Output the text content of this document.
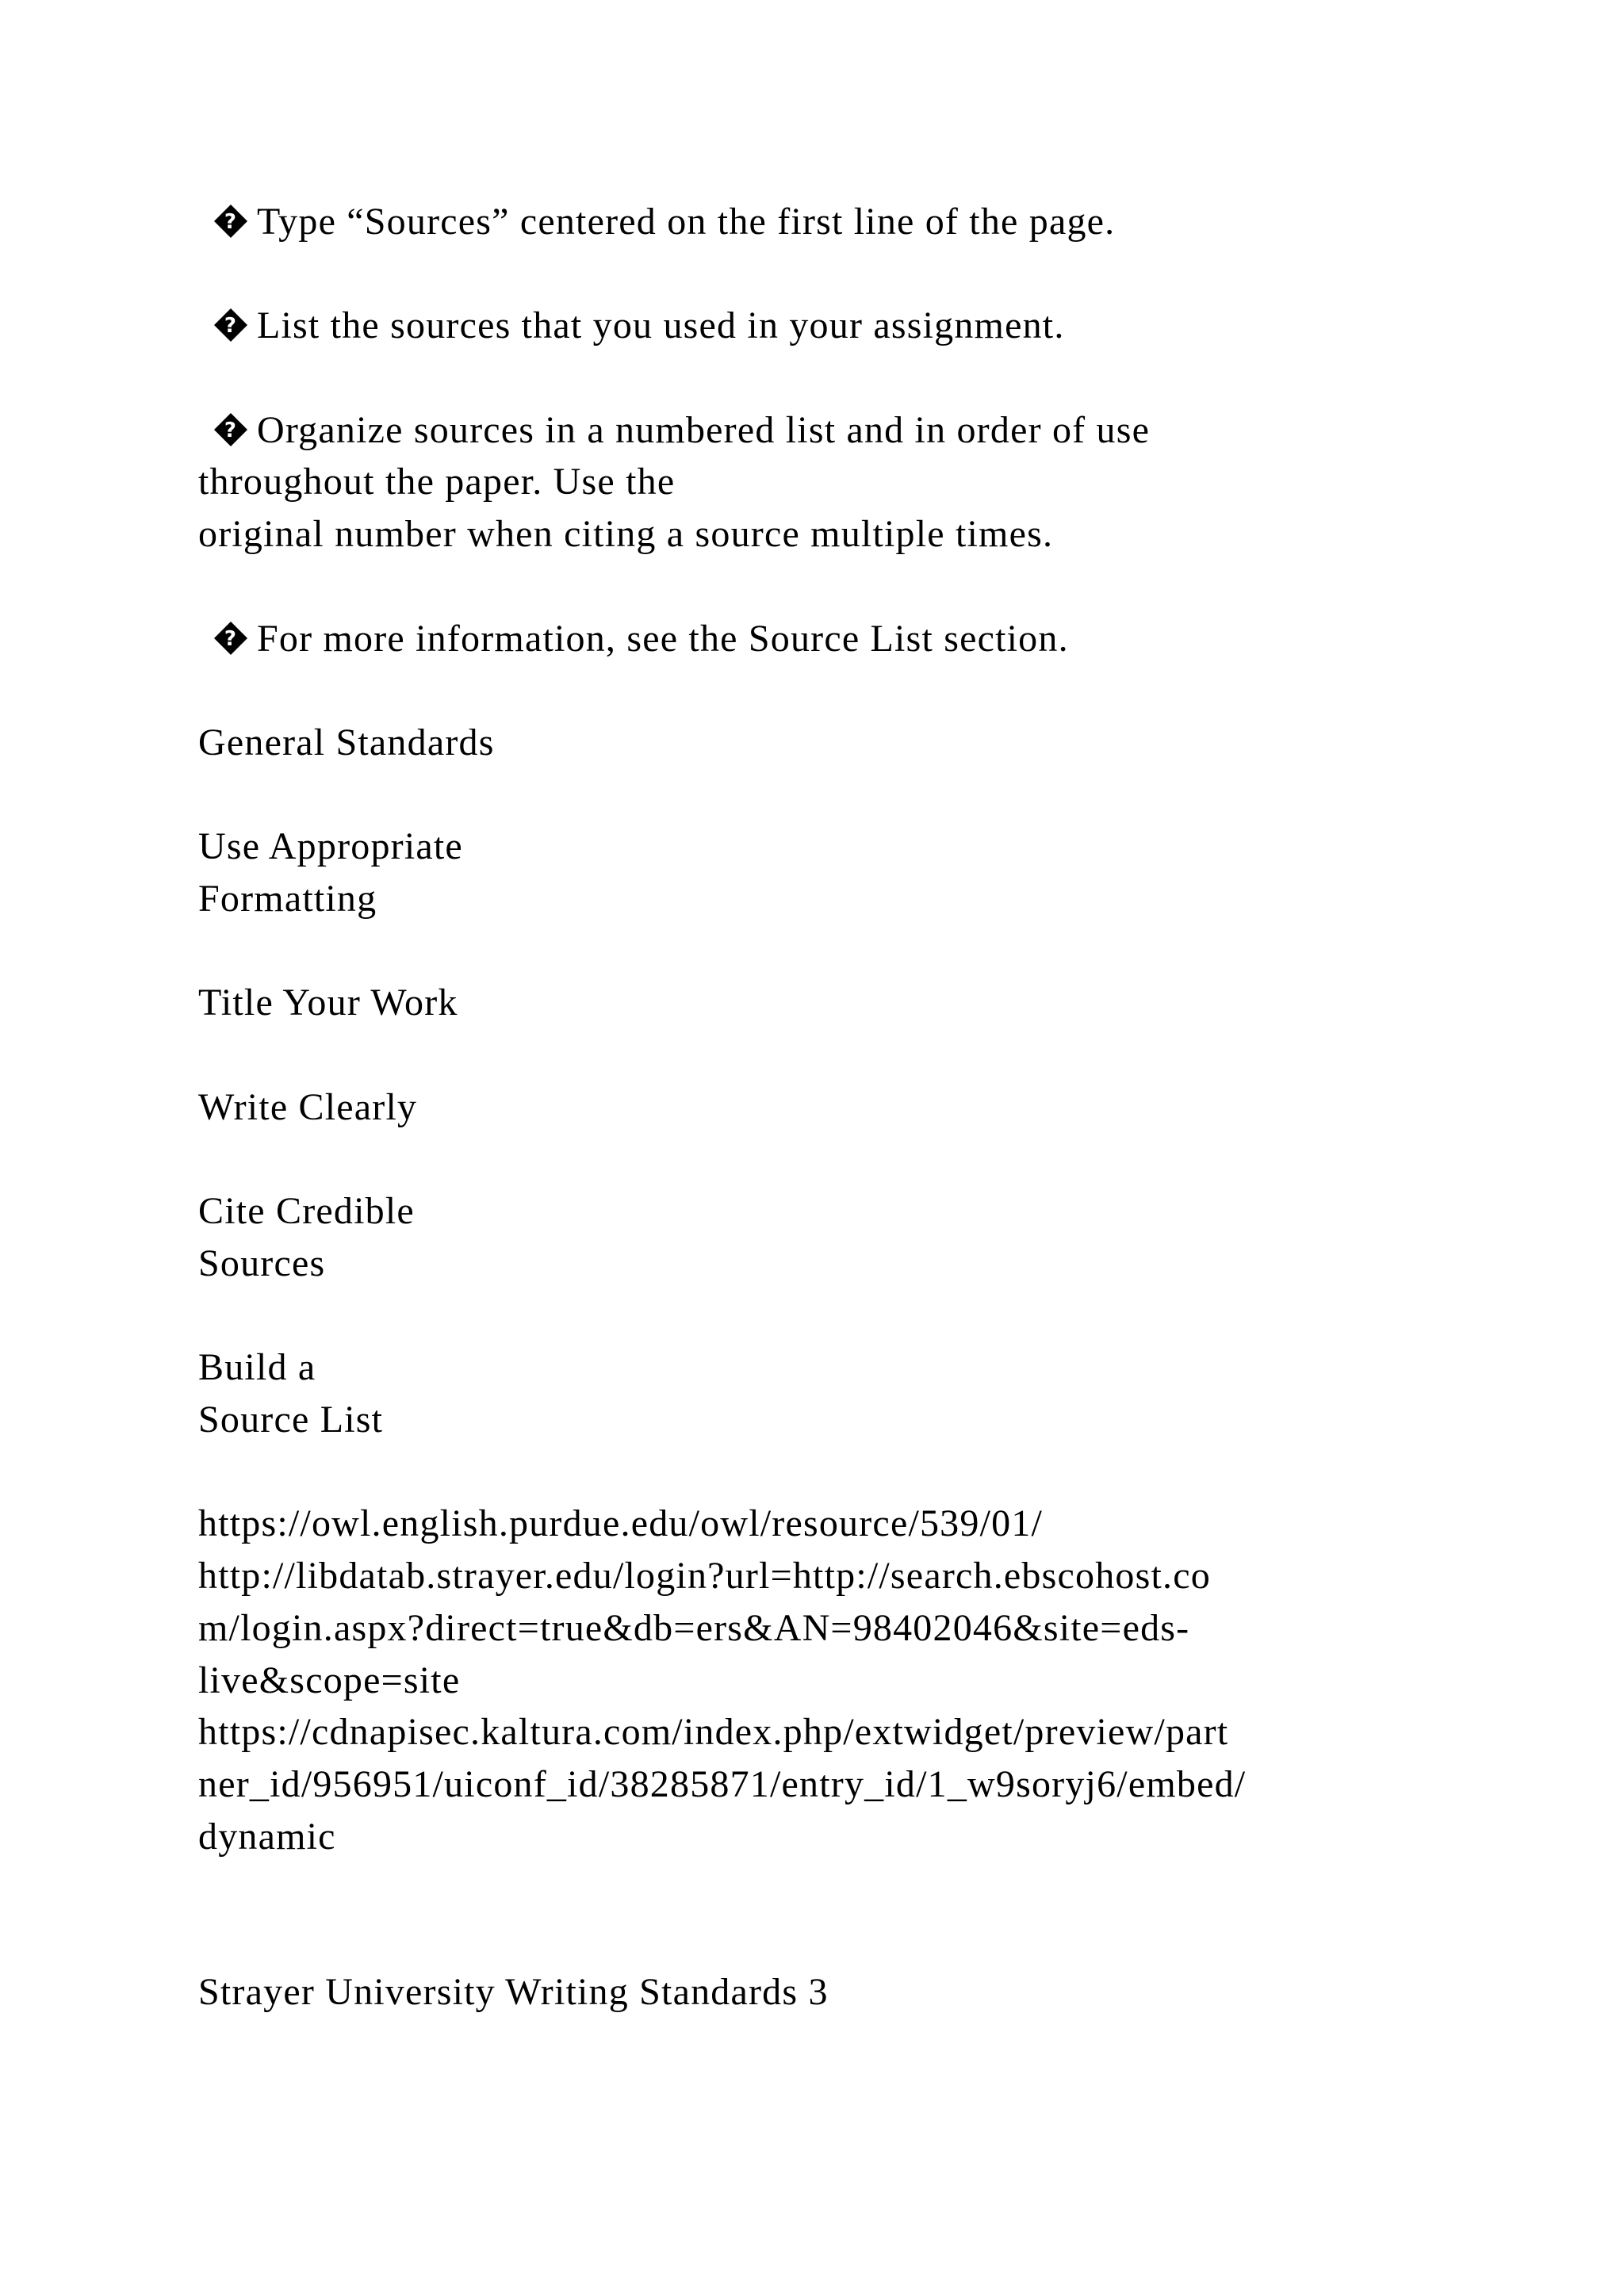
? Type “Sources” centered on the first line of the page.
? List the sources that you used in your assignment.
? Organize sources in a numbered list and in order of use
throughout the paper. Use the
original number when citing a source multiple times.
? For more information, see the Source List section.
General Standards
Use Appropriate
Formatting
Title Your Work
Write Clearly
Cite Credible
Sources
Build a
Source List
https://owl.english.purdue.edu/owl/resource/539/01/
http://libdatab.strayer.edu/login?url=http://search.ebscohost.co
m/login.aspx?direct=true&db=ers&AN=98402046&site=eds-
live&scope=site
https://cdnapisec.kaltura.com/index.php/extwidget/preview/part
ner_id/956951/uiconf_id/38285871/entry_id/1_w9soryj6/embed/
dynamic
Strayer University Writing Standards 3
